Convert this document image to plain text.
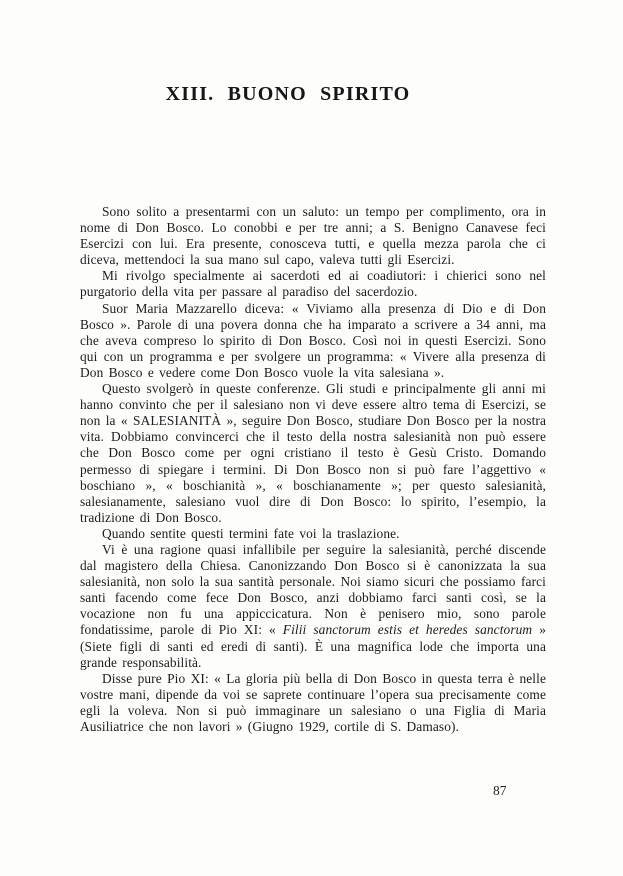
XIII. BUONO SPIRITO

Sono solito a presentarmi con un saluto: un tempo per complimento, ora in nome di Don Bosco. Lo conobbi e per tre anni; a S. Benigno Canavese feci Esercizi con lui. Era presente, conosceva tutti, e quella mezza parola che ci diceva, mettendoci la sua mano sul capo, valeva tutti gli Esercizi.

Mi rivolgo specialmente ai sacerdoti ed ai coadiutori: i chierici sono nel purgatorio della vita per passare al paradiso del sacerdozio.

Suor Maria Mazzarello diceva: « Viviamo alla presenza di Dio e di Don Bosco ». Parole di una povera donna che ha imparato a scrivere a 34 anni, ma che aveva compreso lo spirito di Don Bosco. Così noi in questi Esercizi. Sono qui con un programma e per svolgere un programma: « Vivere alla presenza di Don Bosco e vedere come Don Bosco vuole la vita salesiana ».

Questo svolgerò in queste conferenze. Gli studi e principalmente gli anni mi hanno convinto che per il salesiano non vi deve essere altro tema di Esercizi, se non la « SALESIANITÀ », seguire Don Bosco, studiare Don Bosco per la nostra vita. Dobbiamo convincerci che il testo della nostra salesianità non può essere che Don Bosco come per ogni cristiano il testo è Gesù Cristo. Domando permesso di spiegare i termini. Di Don Bosco non si può fare l’aggettivo « boschiano », « boschianità », « boschianamente »; per questo salesianità, salesianamente, salesiano vuol dire di Don Bosco: lo spirito, l’esempio, la tradizione di Don Bosco.

Quando sentite questi termini fate voi la traslazione.

Vi è una ragione quasi infallibile per seguire la salesianità, perché discende dal magistero della Chiesa. Canonizzando Don Bosco si è canonizzata la sua salesianità, non solo la sua santità personale. Noi siamo sicuri che possiamo farci santi facendo come fece Don Bosco, anzi dobbiamo farci santi così, se la vocazione non fu una appiccicatura. Non è penisero mio, sono parole fondatissime, parole di Pio XI: « Filii sanctorum estis et heredes sanctorum » (Siete figli di santi ed eredi di santi). È una magnifica lode che importa una grande responsabilità.

Disse pure Pio XI: « La gloria più bella di Don Bosco in questa terra è nelle vostre mani, dipende da voi se saprete continuare l’opera sua precisamente come egli la voleva. Non si può immaginare un salesiano o una Figlia di Maria Ausiliatrice che non lavori » (Giugno 1929, cortile di S. Damaso).

87
